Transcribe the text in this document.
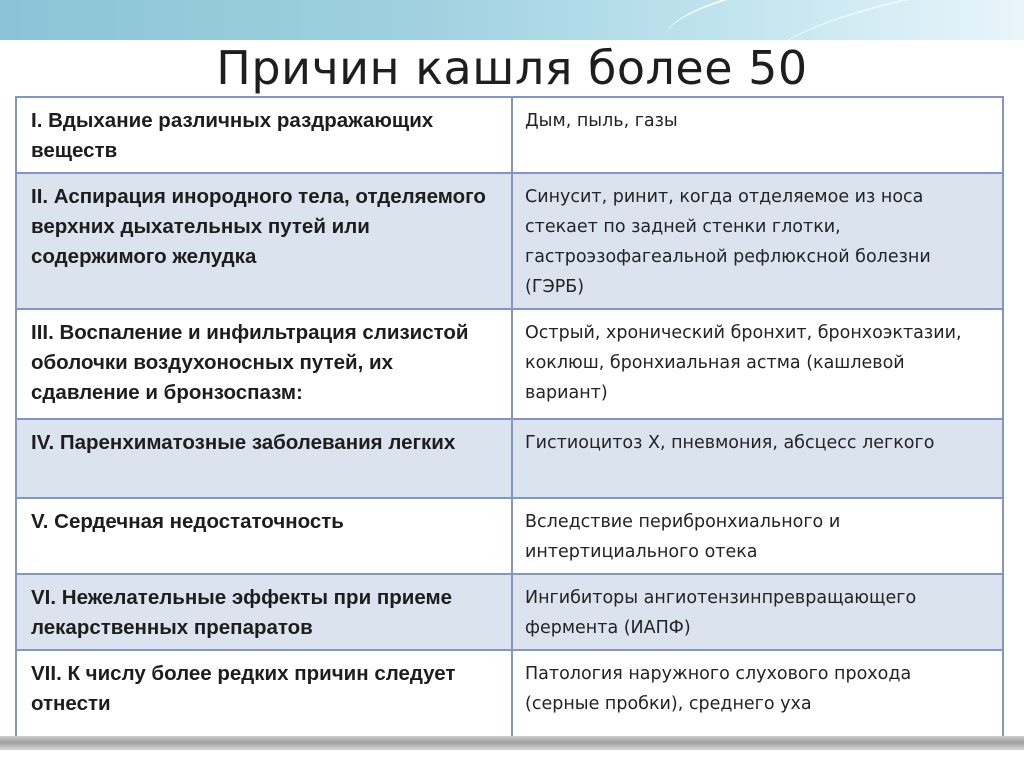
Причин кашля более 50
I. Вдыхание различных раздражающих веществ	Дым, пыль, газы
II. Аспирация инородного тела, отделяемого верхних дыхательных путей или содержимого желудка	Синусит, ринит, когда отделяемое из носа стекает по задней стенки глотки, гастроэзофагеальной рефлюксной болезни (ГЭРБ)
III. Воспаление и инфильтрация слизистой оболочки воздухоносных путей, их сдавление и бронзоспазм:	Острый, хронический бронхит, бронхоэктазии, коклюш, бронхиальная астма (кашлевой вариант)
IV. Паренхиматозные заболевания легких	Гистиоцитоз Х, пневмония, абсцесс легкого
V. Сердечная недостаточность	Вследствие перибронхиального и интертициального отека
VI. Нежелательные эффекты при приеме лекарственных препаратов	Ингибиторы ангиотензинпревращающего фермента (ИАПФ)
VII. К числу более редких причин следует отнести	Патология наружного слухового прохода (серные пробки), среднего уха
